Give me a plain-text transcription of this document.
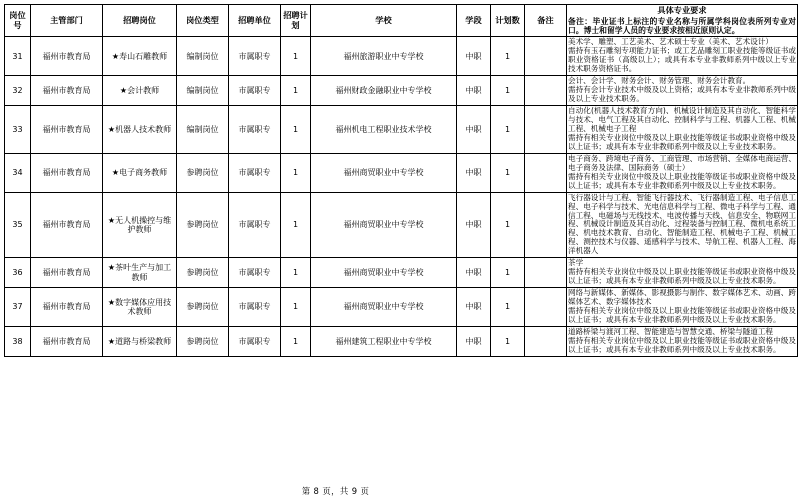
岗位号	主管部门	招聘岗位	岗位类型	招聘单位	招聘计划	学校	学段	计划数	备注	具体专业要求
备注：毕业证书上标注的专业名称与所属学科岗位表所列专业对口。博士和留学人员的专业要求按相近原则认定。

31	福州市教育局	★寿山石雕教师	编制岗位	市属职专	1	福州旅游职业中专学校	中职	1		美术学、雕塑、工艺美术、艺术硕士专业（美术、艺术设计）
需持有玉石雕刻专项能力证书；或工艺品雕刻工职业技能等级证书或职业资格证书（高级以上）；或具有本专业非教师系列中级以上专业技术职务资格证书。

32	福州市教育局	★会计教师	编制岗位	市属职专	1	福州财政金融职业中专学校	中职	1		会计、会计学、财务会计、财务管理、财务会计教育。
需持有会计专业技术中级及以上资格；或具有本专业非教师系列中级及以上专业技术职务。

33	福州市教育局	★机器人技术教师	编制岗位	市属职专	1	福州机电工程职业技术学校	中职	1		自动化(机器人技术教育方向)、机械设计制造及其自动化、智能科学与技术、电气工程及其自动化、控制科学与工程、机器人工程、机械工程、机械电子工程
需持有相关专业岗位中级及以上职业技能等级证书或职业资格中级及以上证书；或具有本专业非教师系列中级及以上专业技术职务。

34	福州市教育局	★电子商务教师	参聘岗位	市属职专	1	福州商贸职业中专学校	中职	1		电子商务、跨境电子商务、工商管理、市场营销、全媒体电商运营、电子商务及法律、国际商务（硕士）
需持有相关专业岗位中级及以上职业技能等级证书或职业资格中级及以上证书；或具有本专业非教师系列中级及以上专业技术职务。

35	福州市教育局	★无人机操控与维护教师	参聘岗位	市属职专	1	福州商贸职业中专学校	中职	1		飞行器设计与工程、智能飞行器技术、飞行器制造工程、电子信息工程、电子科学与技术、光电信息科学与工程、微电子科学与工程、通信工程、电磁场与无线技术、电波传播与天线、信息安全、物联网工程、机械设计制造及其自动化、过程装备与控制工程、微机电系统工程、机电技术教育、自动化、智能制造工程、机械电子工程、机械工程、测控技术与仪器、遥感科学与技术、导航工程、机器人工程、海洋机器人

36	福州市教育局	★茶叶生产与加工教师	参聘岗位	市属职专	1	福州商贸职业中专学校	中职	1		茶学
需持有相关专业岗位中级及以上职业技能等级证书或职业资格中级及以上证书；或具有本专业非教师系列中级及以上专业技术职务。

37	福州市教育局	★数字媒体应用技术教师	参聘岗位	市属职专	1	福州商贸职业中专学校	中职	1		网络与新媒体、新媒体、影视摄影与制作、数字媒体艺术、动画、跨媒体艺术、数字媒体技术
需持有相关专业岗位中级及以上职业技能等级证书或职业资格中级及以上证书；或具有本专业非教师系列中级及以上专业技术职务。

38	福州市教育局	★道路与桥梁教师	参聘岗位	市属职专	1	福州建筑工程职业中专学校	中职	1		道路桥梁与渡河工程、智能建造与智慧交通、桥梁与隧道工程
需持有相关专业岗位中级及以上职业技能等级证书或职业资格中级及以上证书；或具有本专业非教师系列中级及以上专业技术职务。
第 8 页，共 9 页
